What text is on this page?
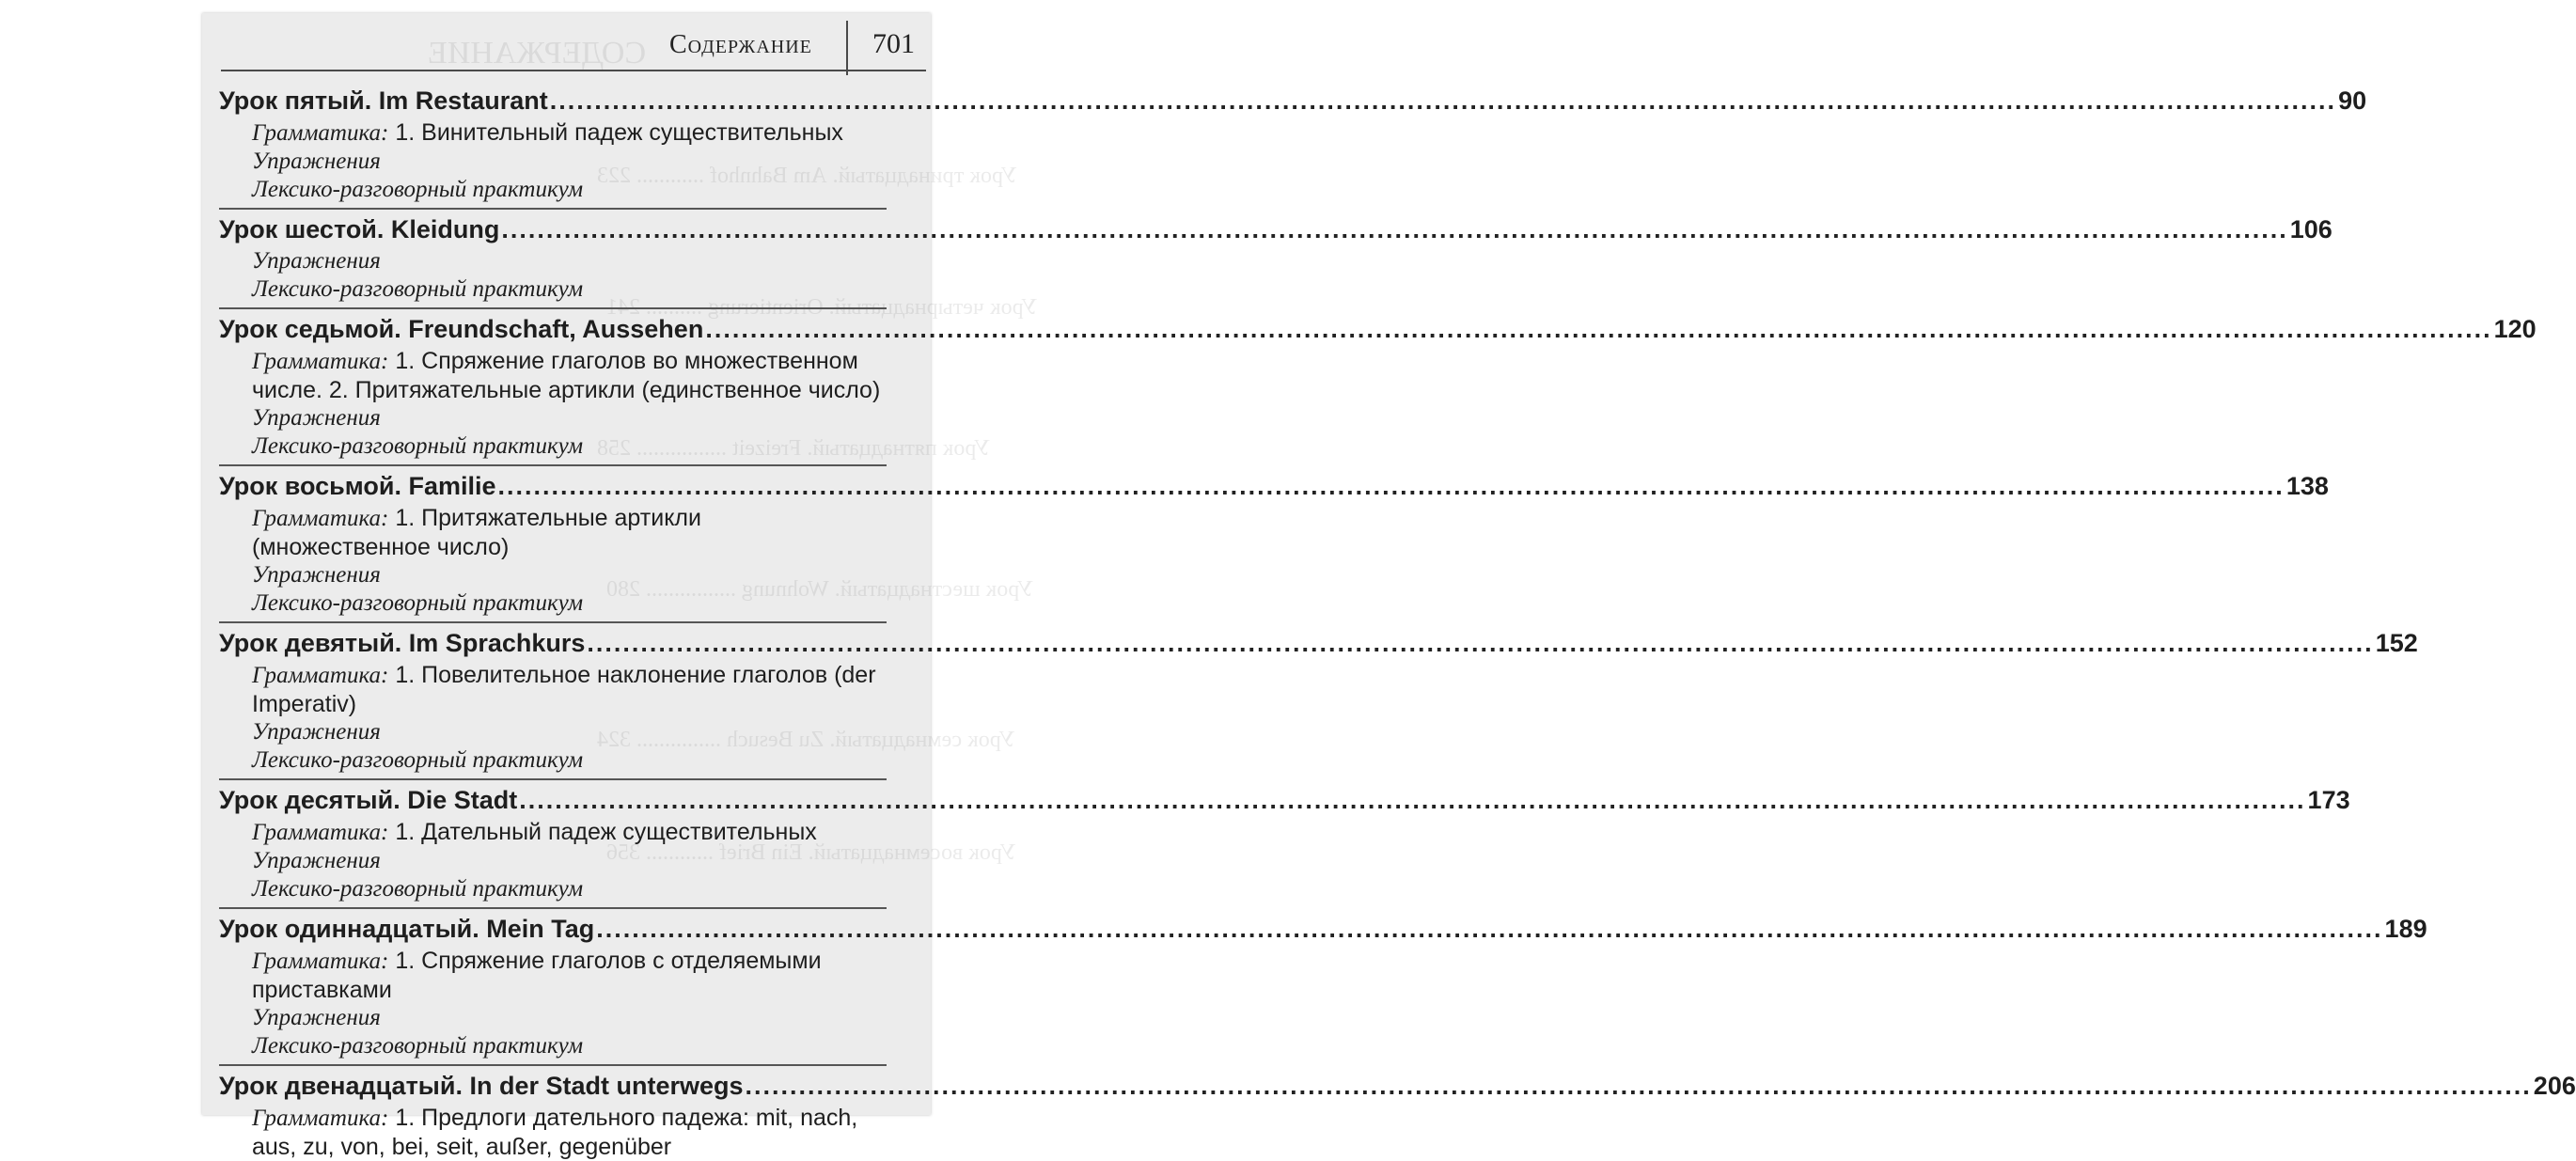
СОДЕРЖАНИЕ
Урок тринадцатый. Am Bahnhof ............ 223
Урок четырнадцатый. Orientierung .......... 241
Урок пятнадцатый. Freizeit ................ 258
Урок шестнадцатый. Wohnung ................ 280
Урок семнадцатый. Zu Besuch ............... 324
Урок восемнадцатый. Ein Brief ............ 356
Содержание 701
Урок пятый. Im Restaurant ........................................................................................................................................................................................................ 90
Грамматика: 1. Винительный падеж существительных
Упражнения
Лексико-разговорный практикум
Урок шестой. Kleidung ........................................................................................................................................................................................................ 106
Упражнения
Лексико-разговорный практикум
Урок седьмой. Freundschaft, Aussehen ........................................................................................................................................................................................................ 120
Грамматика: 1. Спряжение глаголов во множественном
числе. 2. Притяжательные артикли (единственное число)
Упражнения
Лексико-разговорный практикум
Урок восьмой. Familie ........................................................................................................................................................................................................ 138
Грамматика: 1. Притяжательные артикли
(множественное число)
Упражнения
Лексико-разговорный практикум
Урок девятый. Im Sprachkurs ........................................................................................................................................................................................................ 152
Грамматика: 1. Повелительное наклонение глаголов (der
Imperativ)
Упражнения
Лексико-разговорный практикум
Урок десятый. Die Stadt ........................................................................................................................................................................................................ 173
Грамматика: 1. Дательный падеж существительных
Упражнения
Лексико-разговорный практикум
Урок одиннадцатый. Mein Tag ........................................................................................................................................................................................................ 189
Грамматика: 1. Спряжение глаголов с отделяемыми приставками
Упражнения
Лексико-разговорный практикум
Урок двенадцатый. In der Stadt unterwegs ........................................................................................................................................................................................................ 206
Грамматика: 1. Предлоги дательного падежа: mit, nach,
aus, zu, von, bei, seit, außer, gegenüber
